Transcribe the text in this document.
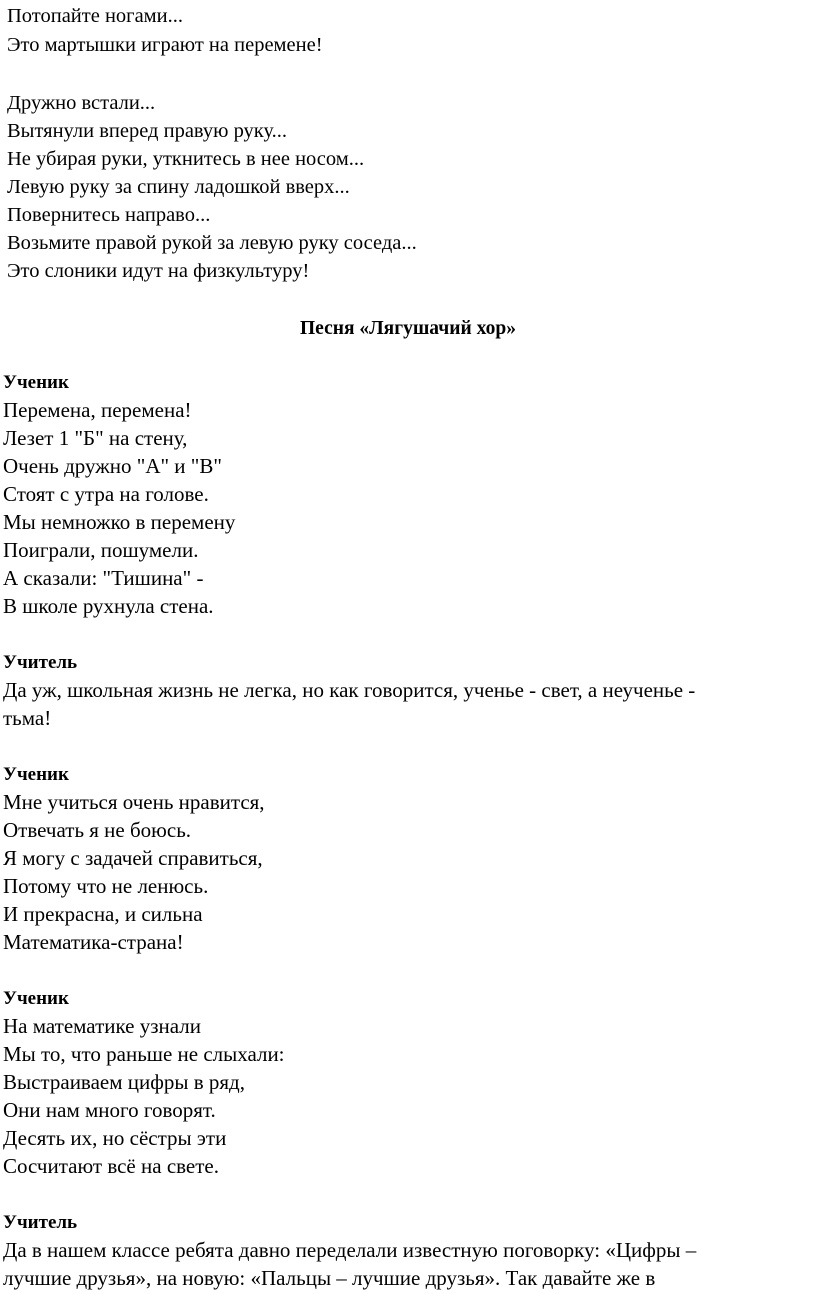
Потопайте ногами...
Это мартышки играют на перемене!
Дружно встали...
Вытянули вперед правую руку...
Не убирая руки, уткнитесь в нее носом...
Левую руку за спину ладошкой вверх...
Повернитесь направо...
Возьмите правой рукой за левую руку соседа...
Это слоники идут на физкультуру!
Песня «Лягушачий хор»
Ученик
Перемена, перемена!
Лезет 1 "Б" на стену,
Очень дружно "А" и "В"
Стоят с утра на голове.
Мы немножко в перемену
Поиграли, пошумели.
А сказали: "Тишина" -
В школе рухнула стена.
Учитель
Да уж, школьная жизнь не легка, но как говорится, ученье - свет, а неученье -
тьма!
Ученик
Мне учиться очень нравится,
Отвечать я не боюсь.
Я могу с задачей справиться,
Потому что не ленюсь.
И прекрасна, и сильна
Математика-страна!
Ученик
На математике узнали
Мы то, что раньше не слыхали:
Выстраиваем цифры в ряд,
Они нам много говорят.
Десять их, но сёстры эти
Сосчитают всё на свете.
Учитель
Да в нашем классе ребята давно переделали известную поговорку: «Цифры –
лучшие друзья», на новую: «Пальцы – лучшие друзья». Так давайте же в
